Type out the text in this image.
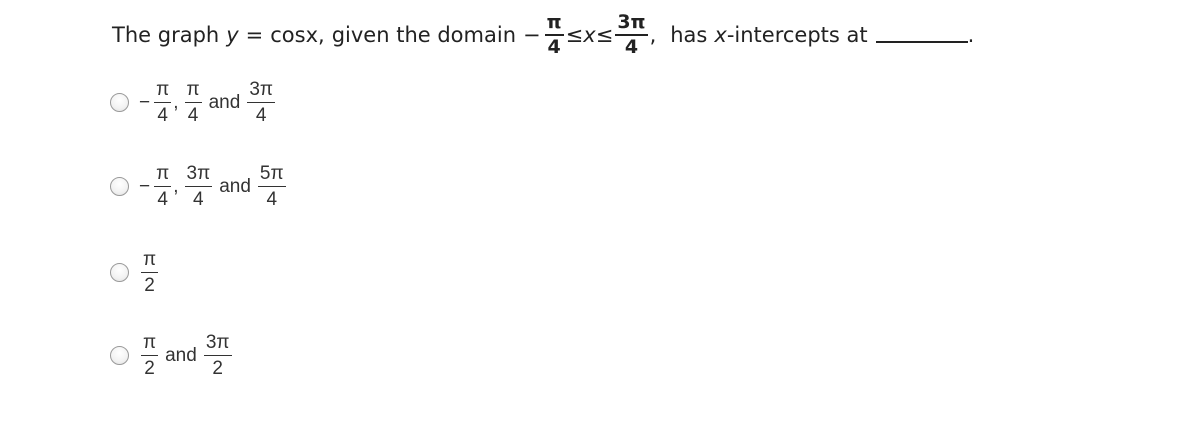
The graph y = cosx, given the domain − $\frac{\pi}{4} \le x \le \frac{3\pi}{4}$ , has x -intercepts at	.
− $\frac{\pi}{4}$ , $\frac{\pi}{4}$ and $\frac{3\pi}{4}$
− $\frac{\pi}{4}$ , $\frac{3\pi}{4}$ and $\frac{5\pi}{4}$
$\frac{\pi}{2}$
$\frac{\pi}{2}$ and $\frac{3\pi}{2}$
